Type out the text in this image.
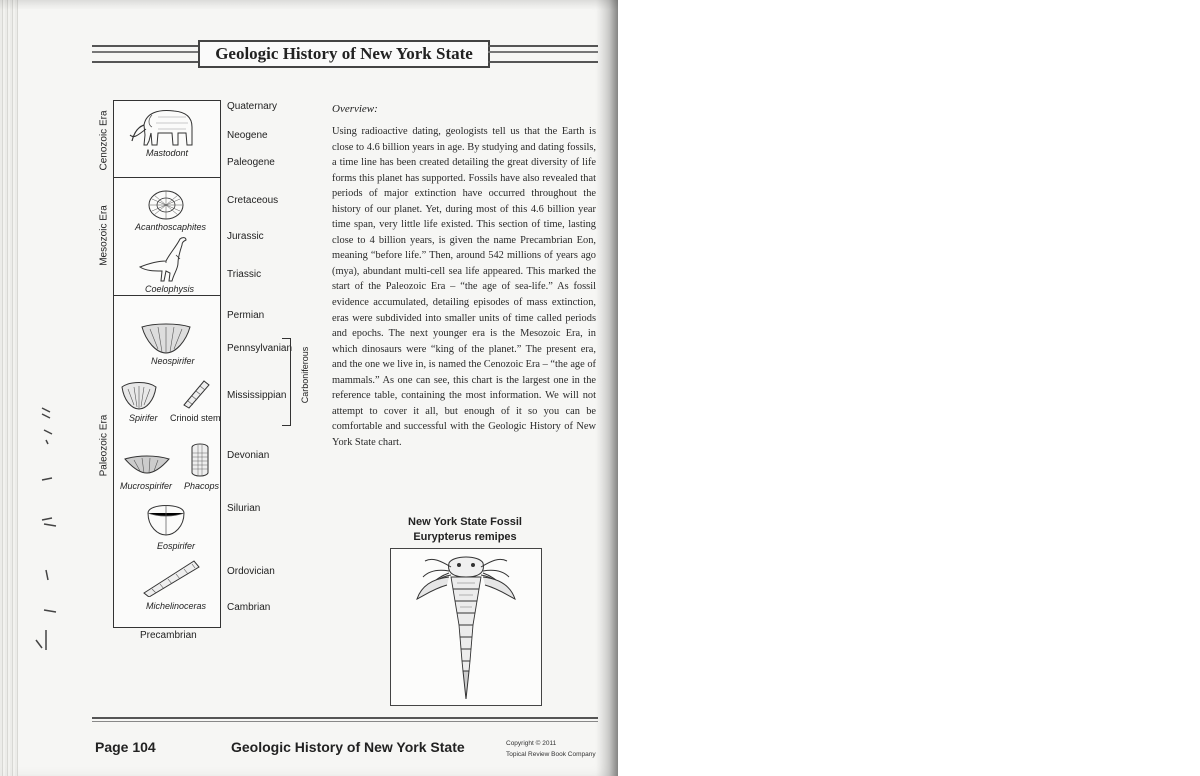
Geologic History of New York State
Cenozoic Era
Mesozoic Era
Paleozoic Era
Mastodont
Acanthoscaphites
Coelophysis
Neospirifer
Spirifer Crinoid stem
Mucrospirifer Phacops
Eospirifer
Michelinoceras
Quaternary
Neogene
Paleogene
Cretaceous
Jurassic
Triassic
Permian
Pennsylvanian
Mississippian
Devonian
Silurian
Ordovician
Cambrian
Carboniferous
Precambrian
Overview:
Using radioactive dating, geologists tell us that the Earth is close to 4.6 billion years in age. By studying and dating fossils, a time line has been created detailing the great diversity of life forms this planet has supported. Fossils have also revealed that periods of major extinction have occurred throughout the history of our planet. Yet, during most of this 4.6 billion year time span, very little life existed. This section of time, lasting close to 4 billion years, is given the name Precambrian Eon, meaning “before life.” Then, around 542 millions of years ago (mya), abundant multi-cell sea life appeared. This marked the start of the Paleozoic Era – “the age of sea-life.” As fossil evidence accumulated, detailing episodes of mass extinction, eras were subdivided into smaller units of time called periods and epochs. The next younger era is the Mesozoic Era, in which dinosaurs were “king of the planet.” The present era, and the one we live in, is named the Cenozoic Era – “the age of mammals.” As one can see, this chart is the largest one in the reference table, containing the most information. We will not attempt to cover it all, but enough of it so you can be comfortable and successful with the Geologic History of New York State chart.
New York State Fossil
Eurypterus remipes
Page 104	Geologic History of New York State	Copyright © 2011
Topical Review Book Company
